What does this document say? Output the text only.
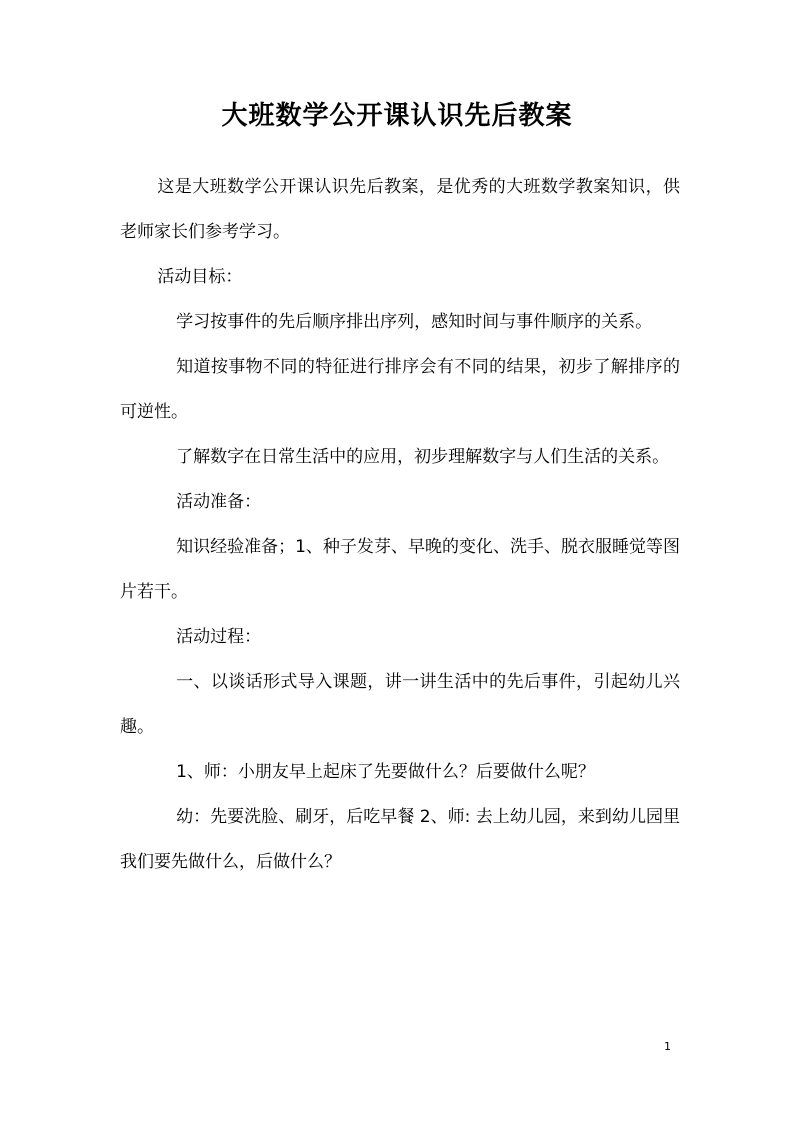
大班数学公开课认识先后教案

这是大班数学公开课认识先后教案，是优秀的大班数学教案知识，供老师家长们参考学习。

活动目标：

学习按事件的先后顺序排出序列，感知时间与事件顺序的关系。

知道按事物不同的特征进行排序会有不同的结果，初步了解排序的可逆性。

了解数字在日常生活中的应用，初步理解数字与人们生活的关系。

活动准备：

知识经验准备；1、种子发芽、早晚的变化、洗手、脱衣服睡觉等图片若干。

活动过程：

一、以谈话形式导入课题，讲一讲生活中的先后事件，引起幼儿兴趣。

1、师：小朋友早上起床了先要做什么？后要做什么呢？

幼：先要洗脸、刷牙，后吃早餐 2、师: 去上幼儿园，来到幼儿园里我们要先做什么，后做什么？

1
